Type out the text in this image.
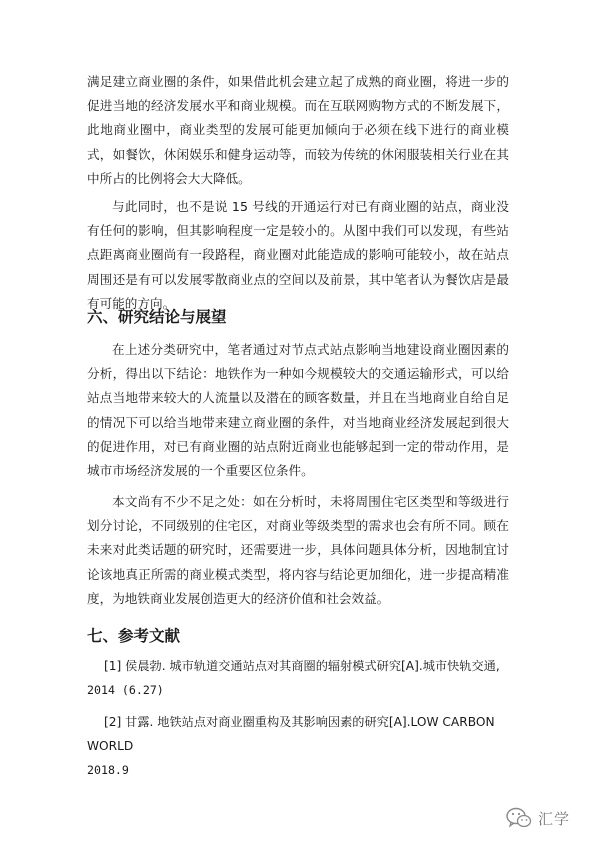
满足建立商业圈的条件，如果借此机会建立起了成熟的商业圈，将进一步的促进当地的经济发展水平和商业规模。而在互联网购物方式的不断发展下，此地商业圈中，商业类型的发展可能更加倾向于必须在线下进行的商业模式，如餐饮，休闲娱乐和健身运动等，而较为传统的休闲服装相关行业在其中所占的比例将会大大降低。

与此同时，也不是说 15 号线的开通运行对已有商业圈的站点，商业没有任何的影响，但其影响程度一定是较小的。从图中我们可以发现，有些站点距离商业圈尚有一段路程，商业圈对此能造成的影响可能较小，故在站点周围还是有可以发展零散商业点的空间以及前景，其中笔者认为餐饮店是最有可能的方向。

六、研究结论与展望

在上述分类研究中，笔者通过对节点式站点影响当地建设商业圈因素的分析，得出以下结论：地铁作为一种如今规模较大的交通运输形式，可以给站点当地带来较大的人流量以及潜在的顾客数量，并且在当地商业自给自足的情况下可以给当地带来建立商业圈的条件，对当地商业经济发展起到很大的促进作用，对已有商业圈的站点附近商业也能够起到一定的带动作用，是城市市场经济发展的一个重要区位条件。

本文尚有不少不足之处：如在分析时，未将周围住宅区类型和等级进行划分讨论，不同级别的住宅区，对商业等级类型的需求也会有所不同。顾在未来对此类话题的研究时，还需要进一步，具体问题具体分析，因地制宜讨论该地真正所需的商业模式类型，将内容与结论更加细化，进一步提高精准度，为地铁商业发展创造更大的经济价值和社会效益。

七、参考文献
[1] 侯晨勃. 城市轨道交通站点对其商圈的辐射模式研究[A].城市快轨交通,
2014 (6.27)
[2] 甘露. 地铁站点对商业圈重构及其影响因素的研究[A].LOW CARBON WORLD
2018.9
汇学
